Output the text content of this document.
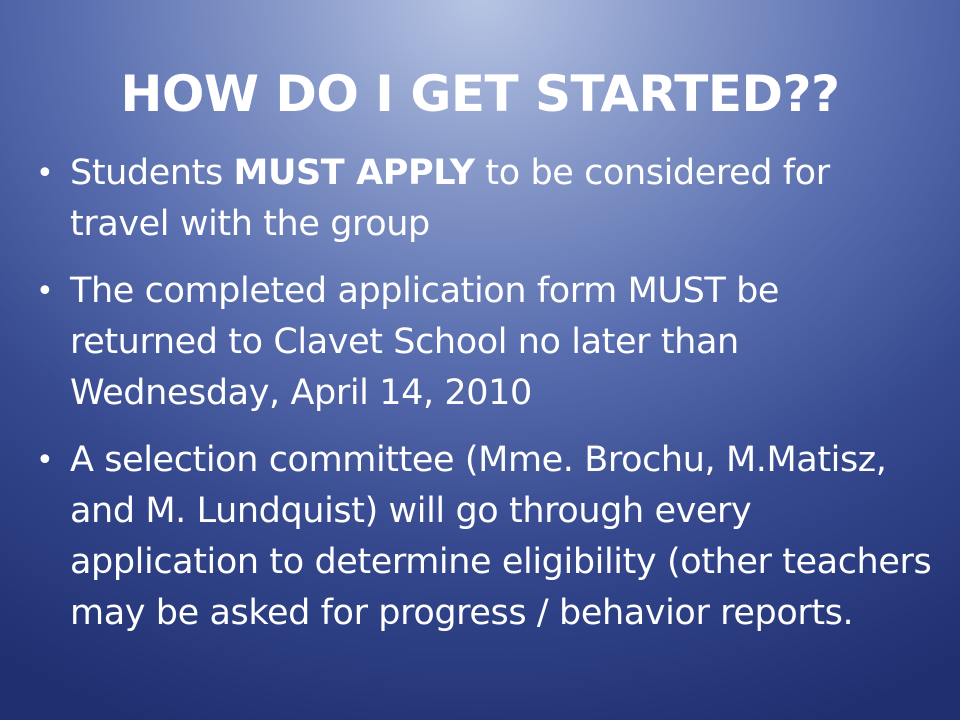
HOW DO I GET STARTED??
• Students MUST APPLY to be considered for travel with the group
• The completed application form MUST be returned to Clavet School no later than Wednesday, April 14, 2010
• A selection committee (Mme. Brochu, M.Matisz, and M. Lundquist) will go through every application to determine eligibility (other teachers may be asked for progress / behavior reports.
